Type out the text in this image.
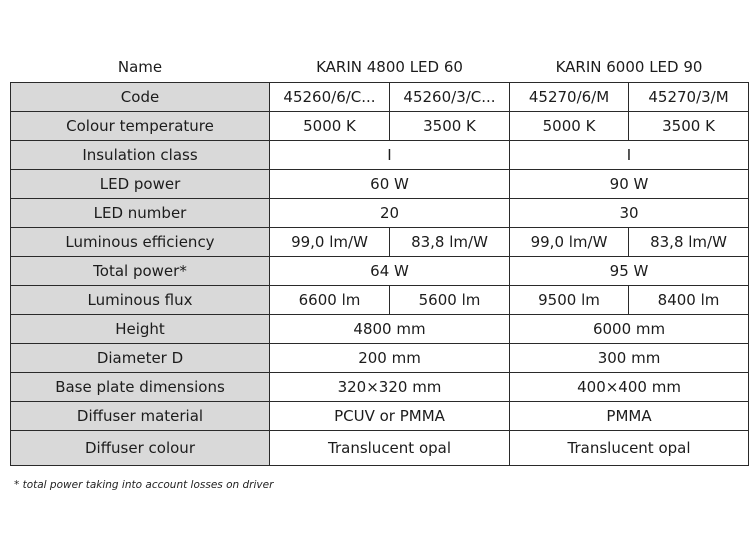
Name	KARIN 4800 LED 60		KARIN 6000 LED 90	
Code	45260/6/C...	45260/3/C...	45270/6/M	45270/3/M
Colour temperature	5000 K	3500 K	5000 K	3500 K
Insulation class	I		I	
LED power	60 W		90 W	
LED number	20		30	
Luminous efficiency	99,0 lm/W	83,8 lm/W	99,0 lm/W	83,8 lm/W
Total power*	64 W		95 W	
Luminous flux	6600 lm	5600 lm	9500 lm	8400 lm
Height	4800 mm		6000 mm	
Diameter D	200 mm		300 mm	
Base plate dimensions	320×320 mm		400×400 mm	
Diffuser material	PCUV or PMMA		PMMA	
Diffuser colour	Translucent opal		Translucent opal	
* total power taking into account losses on driver
